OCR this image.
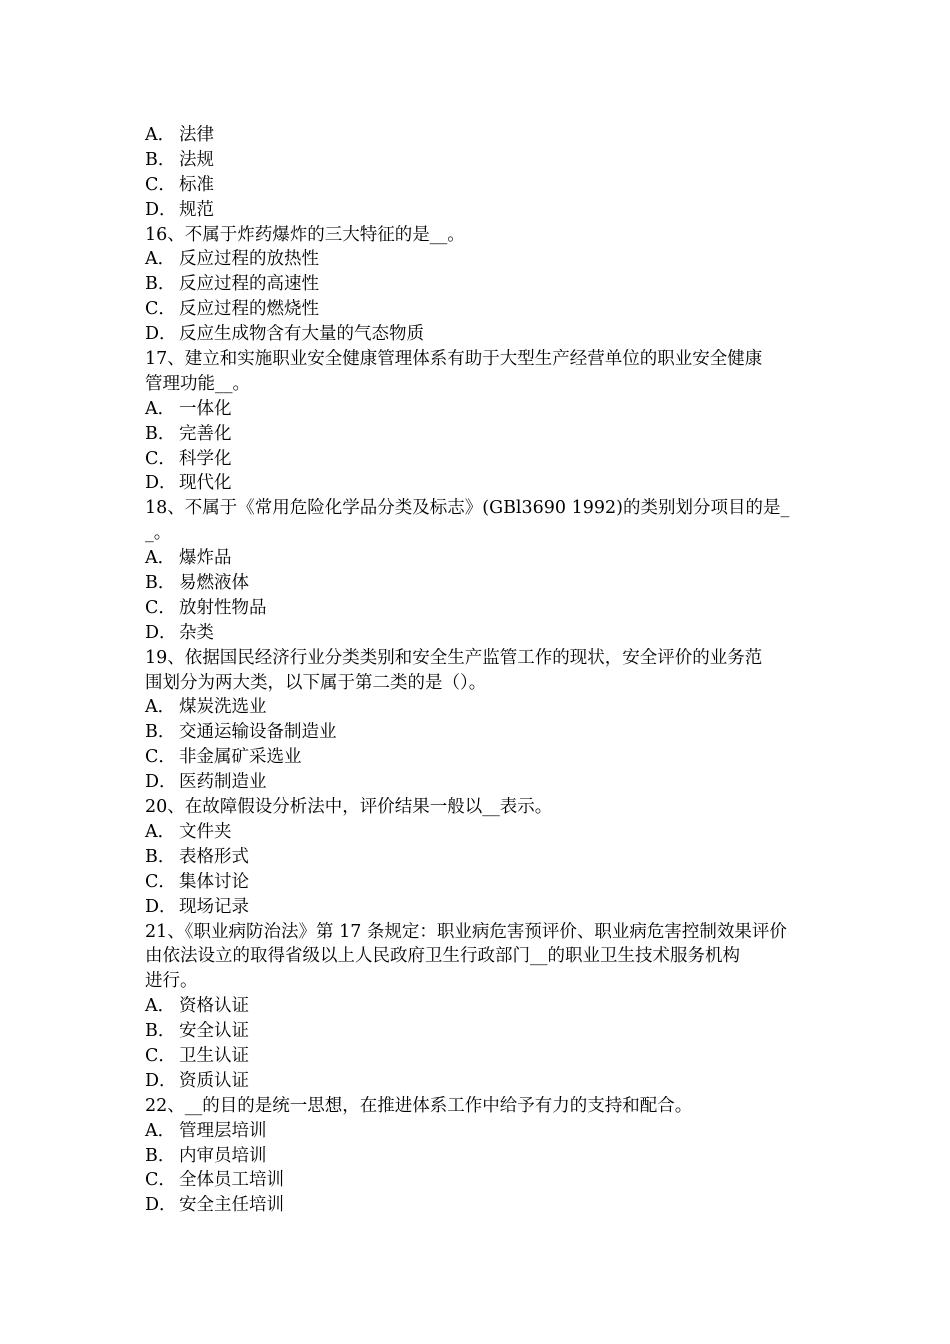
A． 法律
B． 法规
C． 标准
D． 规范
16、不属于炸药爆炸的三大特征的是__。
A． 反应过程的放热性
B． 反应过程的高速性
C． 反应过程的燃烧性
D． 反应生成物含有大量的气态物质
17、建立和实施职业安全健康管理体系有助于大型生产经营单位的职业安全健康
管理功能__。
A． 一体化
B． 完善化
C． 科学化
D． 现代化
18、不属于《常用危险化学品分类及标志》(GBl3690 1992)的类别划分项目的是_
_。
A． 爆炸品
B． 易燃液体
C． 放射性物品
D． 杂类
19、依据国民经济行业分类类别和安全生产监管工作的现状，安全评价的业务范
围划分为两大类，以下属于第二类的是（）。
A． 煤炭洗选业
B． 交通运输设备制造业
C． 非金属矿采选业
D． 医药制造业
20、在故障假设分析法中，评价结果一般以__表示。
A． 文件夹
B． 表格形式
C． 集体讨论
D． 现场记录
21、《职业病防治法》第 17 条规定：职业病危害预评价、职业病危害控制效果评价
由依法设立的取得省级以上人民政府卫生行政部门__的职业卫生技术服务机构
进行。
A． 资格认证
B． 安全认证
C． 卫生认证
D． 资质认证
22、__的目的是统一思想，在推进体系工作中给予有力的支持和配合。
A． 管理层培训
B． 内审员培训
C． 全体员工培训
D． 安全主任培训
